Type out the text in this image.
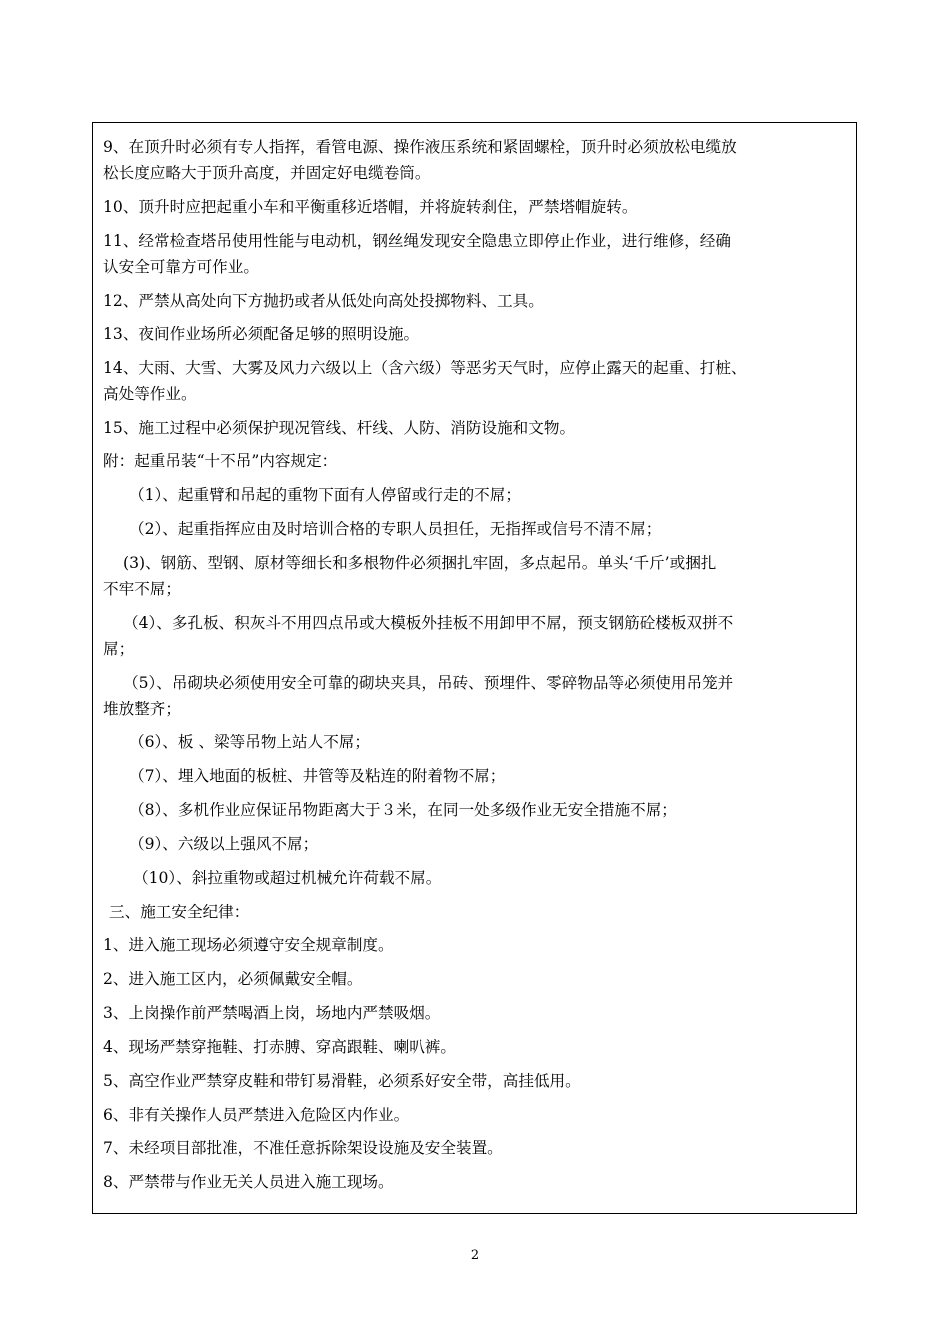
9、在顶升时必须有专人指挥，看管电源、操作液压系统和紧固螺栓，顶升时必须放松电缆放
松长度应略大于顶升高度，并固定好电缆卷筒。
10、顶升时应把起重小车和平衡重移近塔帽，并将旋转刹住，严禁塔帽旋转。
11、经常检查塔吊使用性能与电动机，钢丝绳发现安全隐患立即停止作业，进行维修，经确
认安全可靠方可作业。
12、严禁从高处向下方抛扔或者从低处向高处投掷物料、工具。
13、夜间作业场所必须配备足够的照明设施。
14、大雨、大雪、大雾及风力六级以上（含六级）等恶劣天气时，应停止露天的起重、打桩、
高处等作业。
15、施工过程中必须保护现况管线、杆线、人防、消防设施和文物。
附：起重吊装“十不吊”内容规定：
（1）、起重臂和吊起的重物下面有人停留或行走的不屌；
（2）、起重指挥应由及时培训合格的专职人员担任，无指挥或信号不清不屌；
(3)、钢筋、型钢、原材等细长和多根物件必须捆扎牢固，多点起吊。单头‘千斤’或捆扎
不牢不屌；
（4）、多孔板、积灰斗不用四点吊或大模板外挂板不用卸甲不屌，预支钢筋砼楼板双拼不
屌；
（5）、吊砌块必须使用安全可靠的砌块夹具，吊砖、预埋件、零碎物品等必须使用吊笼并
堆放整齐；
（6）、板 、梁等吊物上站人不屌；
（7）、埋入地面的板桩、井管等及粘连的附着物不屌；
（8）、多机作业应保证吊物距离大于３米，在同一处多级作业无安全措施不屌；
（9）、六级以上强风不屌；
（10）、斜拉重物或超过机械允许荷载不屌。
三、施工安全纪律：
1、进入施工现场必须遵守安全规章制度。
2、进入施工区内，必须佩戴安全帽。
3、上岗操作前严禁喝酒上岗，场地内严禁吸烟。
4、现场严禁穿拖鞋、打赤膊、穿高跟鞋、喇叭裤。
5、高空作业严禁穿皮鞋和带钉易滑鞋，必须系好安全带，高挂低用。
6、非有关操作人员严禁进入危险区内作业。
7、未经项目部批准，不准任意拆除架设设施及安全装置。
8、严禁带与作业无关人员进入施工现场。
2
